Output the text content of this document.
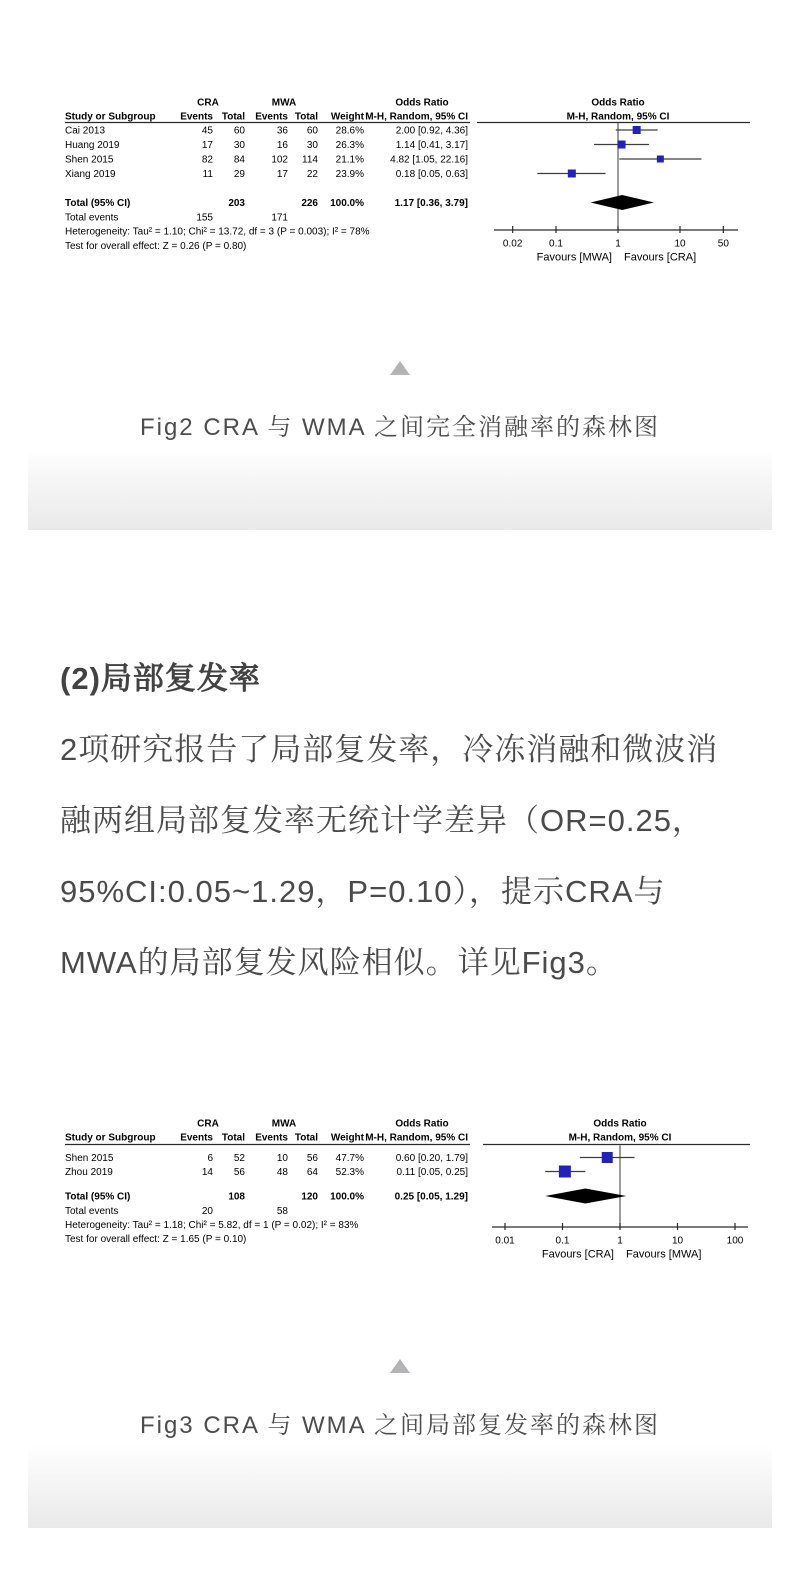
CRA	MWA	Odds Ratio	Odds Ratio
Study or Subgroup Events Total Events Total Weight M-H, Random, 95% CI	M-H, Random, 95% CI
0.02	0.1	1	10	50
Favours [MWA] Favours [CRA]
Cai 2013	45 60	36 60 28.6%	2.00 [0.92, 4.36]
Huang 2019	17 30	16 30 26.3%	1.14 [0.41, 3.17]
Shen 2015	82 84	102 114 21.1%	4.82 [1.05, 22.16]
Xiang 2019	11 29	17 22 23.9%	0.18 [0.05, 0.63]
Total (95% CI)	203	226 100.0%	1.17 [0.36, 3.79]
Total events	155	171
Heterogeneity: Tau² = 1.10; Chi² = 13.72, df = 3 (P = 0.003); I² = 78%
Test for overall effect: Z = 0.26 (P = 0.80)
Fig2 CRA 与 WMA 之间完全消融率的森林图
(2)局部复发率
2项研究报告了局部复发率，冷冻消融和微波消
融两组局部复发率无统计学差异（OR=0.25，
95%CI:0.05~1.29，P=0.10），提示CRA与
MWA的局部复发风险相似。详见Fig3。
CRA	MWA	Odds Ratio	Odds Ratio
Study or Subgroup Events Total Events Total Weight M-H, Random, 95% CI	M-H, Random, 95% CI
0.01	0.1	1	10	100
Favours [CRA] Favours [MWA]
Shen 2015	6 52	10 56 47.7%	0.60 [0.20, 1.79]
Zhou 2019	14 56	48 64 52.3%	0.11 [0.05, 0.25]
Total (95% CI)	108	120 100.0%	0.25 [0.05, 1.29]
Total events	20	58
Heterogeneity: Tau² = 1.18; Chi² = 5.82, df = 1 (P = 0.02); I² = 83%
Test for overall effect: Z = 1.65 (P = 0.10)
Fig3 CRA 与 WMA 之间局部复发率的森林图
